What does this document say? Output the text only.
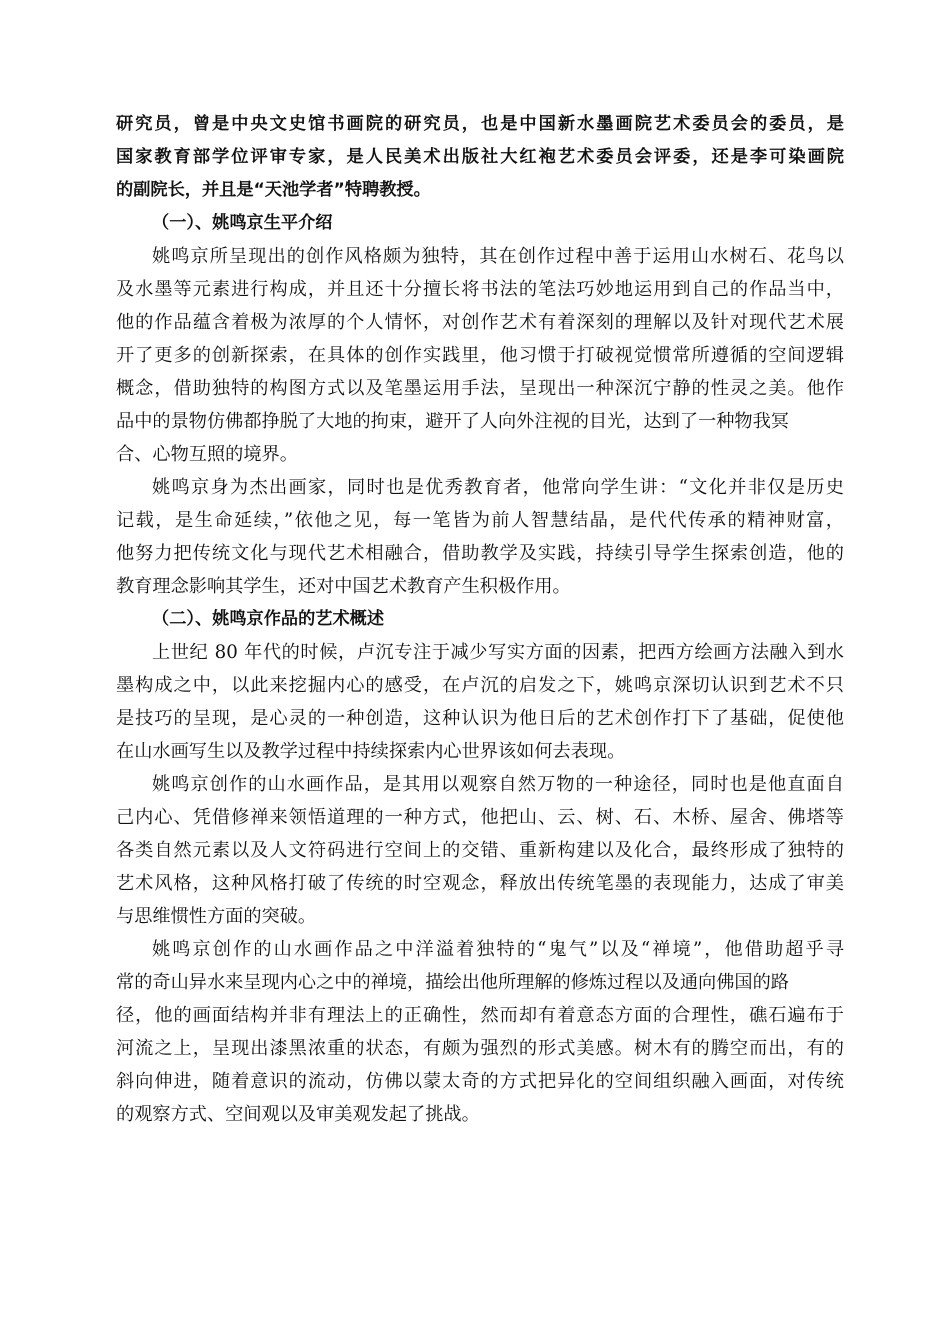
研究员，曾是中央文史馆书画院的研究员，也是中国新水墨画院艺术委员会的委员，是
国家教育部学位评审专家，是人民美术出版社大红袍艺术委员会评委，还是李可染画院
的副院长，并且是“天池学者”特聘教授。
（一）、姚鸣京生平介绍
姚鸣京所呈现出的创作风格颇为独特，其在创作过程中善于运用山水树石、花鸟以
及水墨等元素进行构成，并且还十分擅长将书法的笔法巧妙地运用到自己的作品当中，
他的作品蕴含着极为浓厚的个人情怀，对创作艺术有着深刻的理解以及针对现代艺术展
开了更多的创新探索，在具体的创作实践里，他习惯于打破视觉惯常所遵循的空间逻辑
概念，借助独特的构图方式以及笔墨运用手法，呈现出一种深沉宁静的性灵之美。他作
品中的景物仿佛都挣脱了大地的拘束，避开了人向外注视的目光，达到了一种物我冥
合、心物互照的境界。
姚鸣京身为杰出画家，同时也是优秀教育者，他常向学生讲：“文化并非仅是历史
记载，是生命延续，”依他之见，每一笔皆为前人智慧结晶，是代代传承的精神财富，
他努力把传统文化与现代艺术相融合，借助教学及实践，持续引导学生探索创造，他的
教育理念影响其学生，还对中国艺术教育产生积极作用。
（二）、姚鸣京作品的艺术概述
上世纪 80 年代的时候，卢沉专注于减少写实方面的因素，把西方绘画方法融入到水
墨构成之中，以此来挖掘内心的感受，在卢沉的启发之下，姚鸣京深切认识到艺术不只
是技巧的呈现，是心灵的一种创造，这种认识为他日后的艺术创作打下了基础，促使他
在山水画写生以及教学过程中持续探索内心世界该如何去表现。
姚鸣京创作的山水画作品，是其用以观察自然万物的一种途径，同时也是他直面自
己内心、凭借修禅来领悟道理的一种方式，他把山、云、树、石、木桥、屋舍、佛塔等
各类自然元素以及人文符码进行空间上的交错、重新构建以及化合，最终形成了独特的
艺术风格，这种风格打破了传统的时空观念，释放出传统笔墨的表现能力，达成了审美
与思维惯性方面的突破。
姚鸣京创作的山水画作品之中洋溢着独特的“鬼气”以及“禅境”，他借助超乎寻
常的奇山异水来呈现内心之中的禅境，描绘出他所理解的修炼过程以及通向佛国的路
径，他的画面结构并非有理法上的正确性，然而却有着意态方面的合理性，礁石遍布于
河流之上，呈现出漆黑浓重的状态，有颇为强烈的形式美感。树木有的腾空而出，有的
斜向伸进，随着意识的流动，仿佛以蒙太奇的方式把异化的空间组织融入画面，对传统
的观察方式、空间观以及审美观发起了挑战。
